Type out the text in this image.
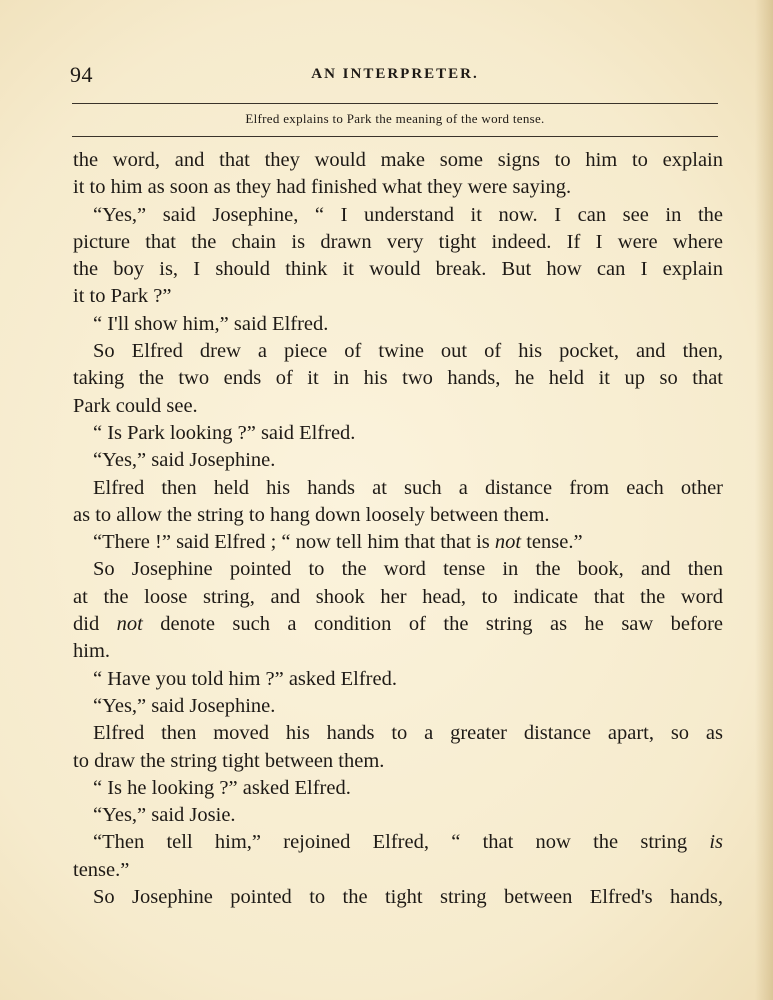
94	AN INTERPRETER.
Elfred explains to Park the meaning of the word tense.
the word, and that they would make some signs to him to explain
it to him as soon as they had finished what they were saying.
“Yes,” said Josephine, “ I understand it now. I can see in the
picture that the chain is drawn very tight indeed. If I were where
the boy is, I should think it would break. But how can I explain
it to Park ?”
“ I'll show him,” said Elfred.
So Elfred drew a piece of twine out of his pocket, and then,
taking the two ends of it in his two hands, he held it up so that
Park could see.
“ Is Park looking ?” said Elfred.
“Yes,” said Josephine.
Elfred then held his hands at such a distance from each other
as to allow the string to hang down loosely between them.
“There !” said Elfred ; “ now tell him that that is not tense.”
So Josephine pointed to the word tense in the book, and then
at the loose string, and shook her head, to indicate that the word
did not denote such a condition of the string as he saw before
him.
“ Have you told him ?” asked Elfred.
“Yes,” said Josephine.
Elfred then moved his hands to a greater distance apart, so as
to draw the string tight between them.
“ Is he looking ?” asked Elfred.
“Yes,” said Josie.
“Then tell him,” rejoined Elfred, “ that now the string is
tense.”
So Josephine pointed to the tight string between Elfred's hands,
